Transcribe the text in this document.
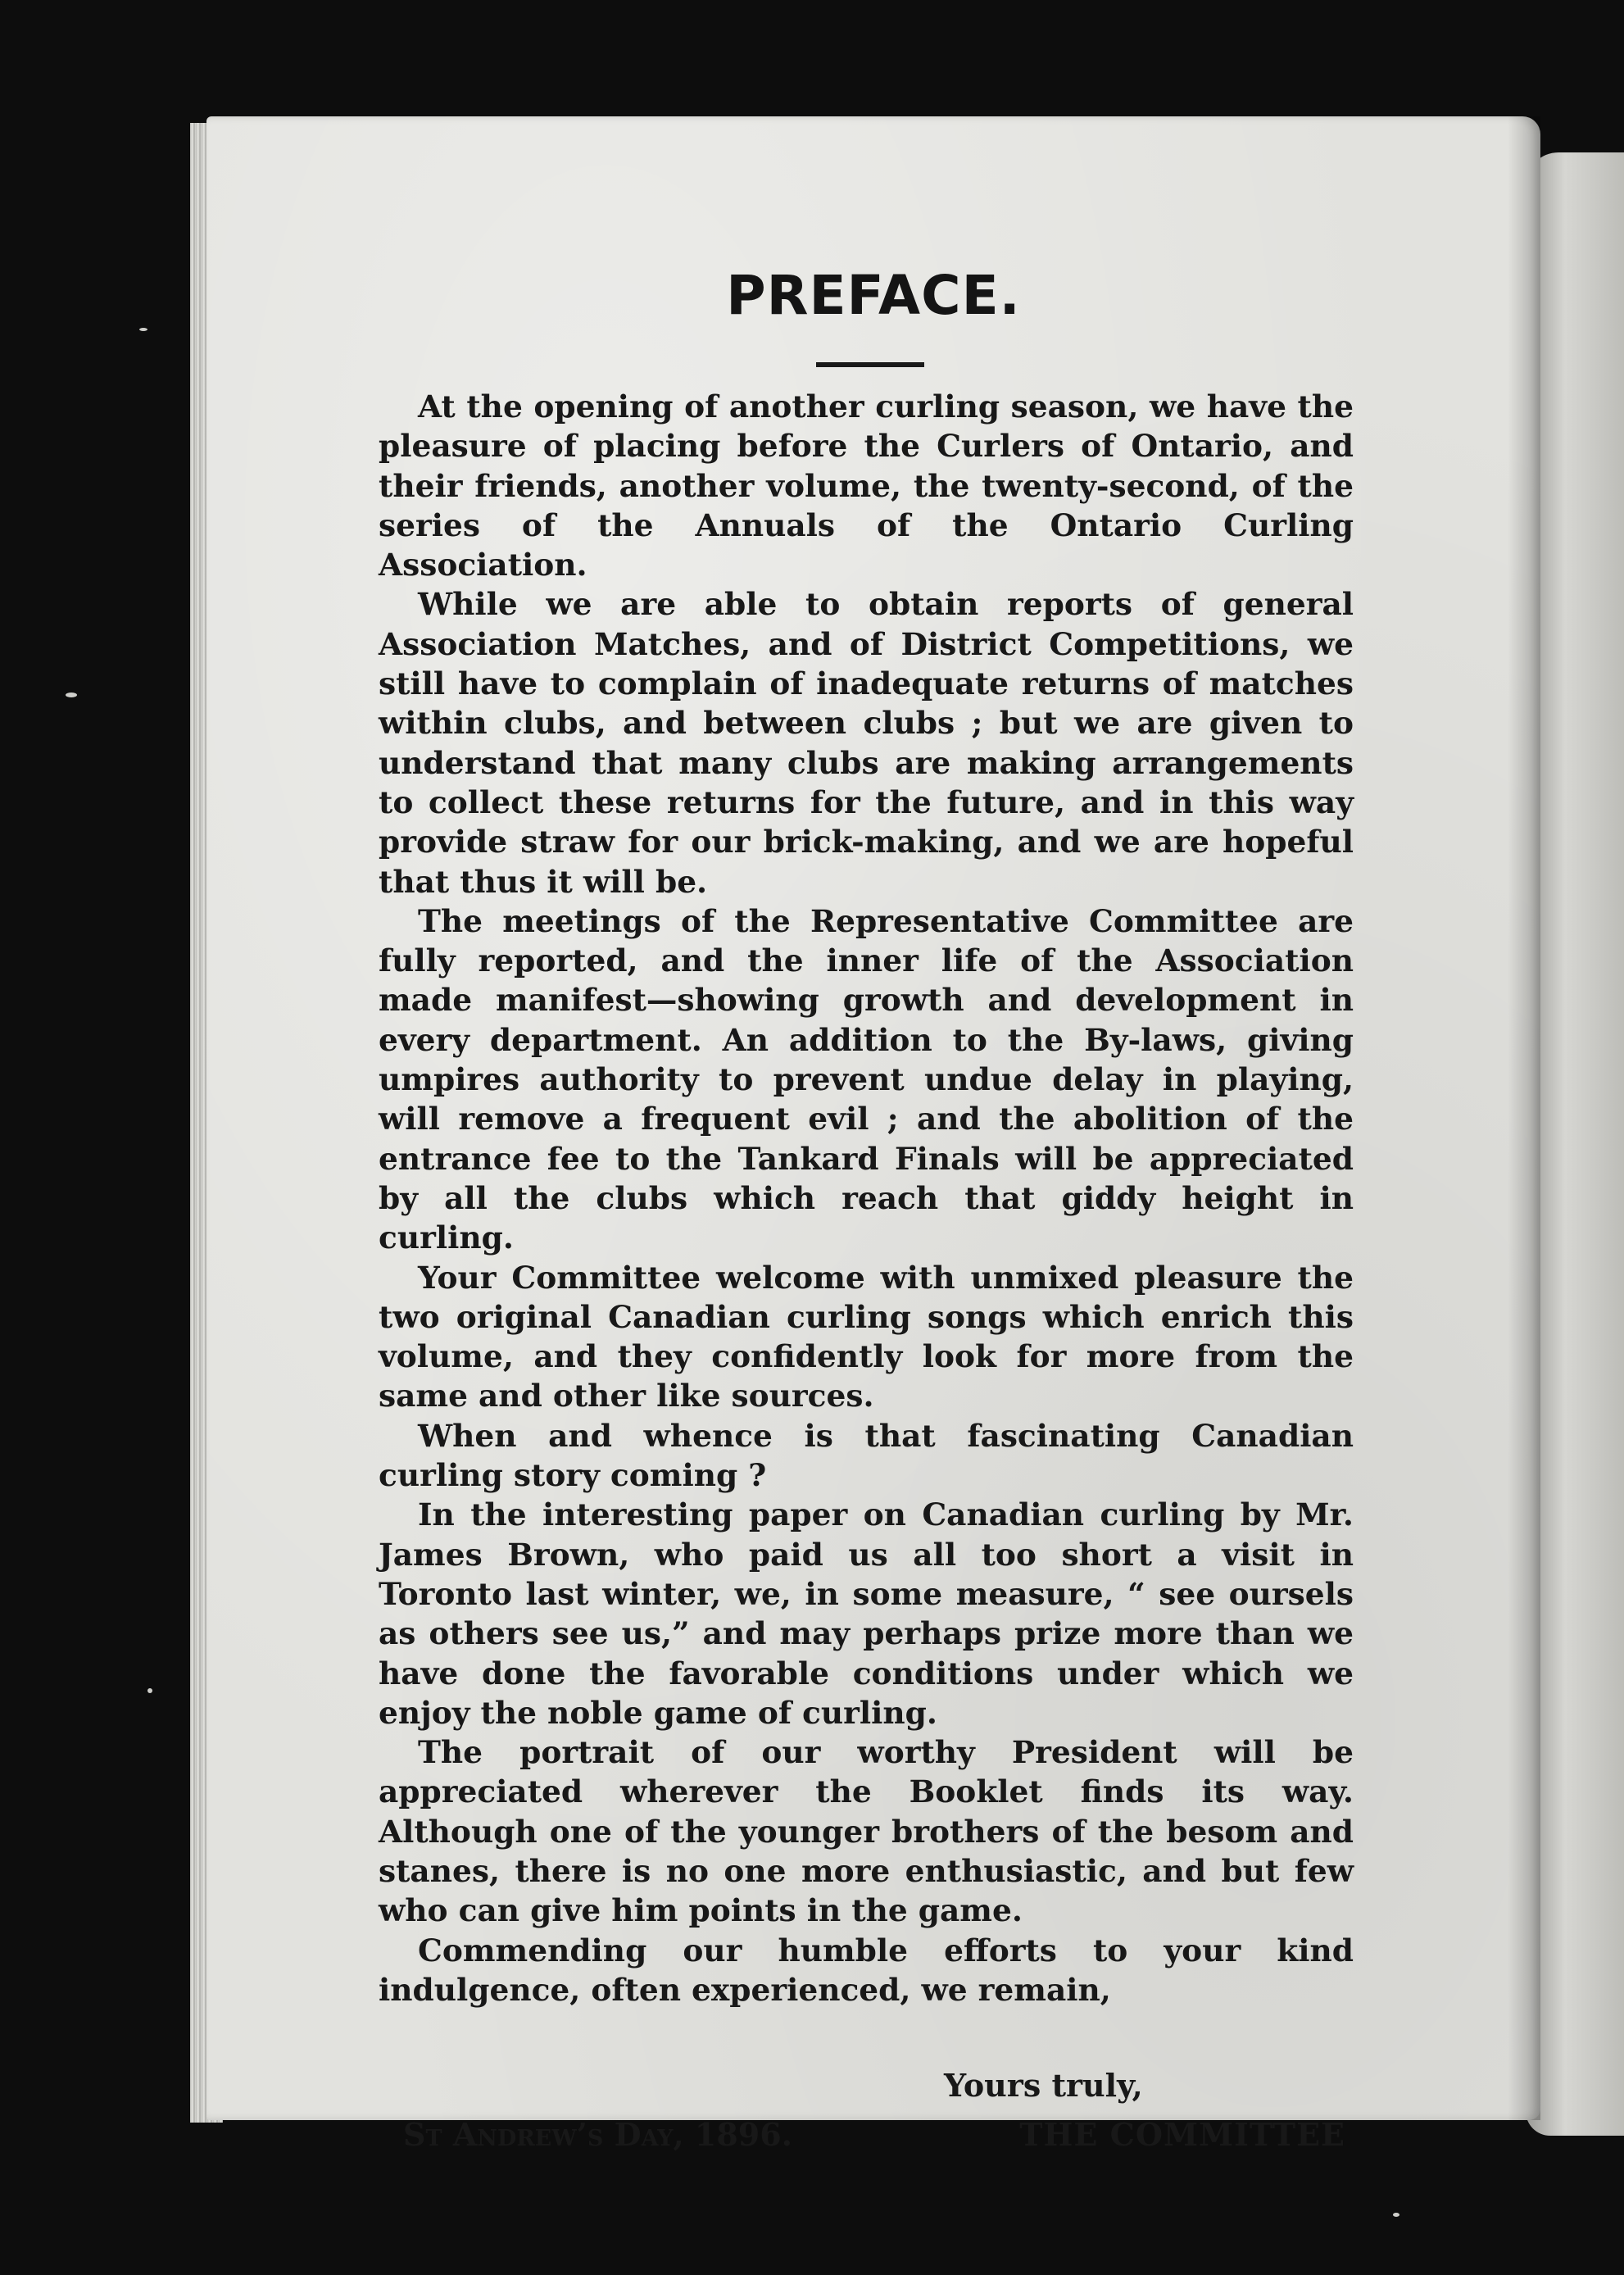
PREFACE.

At the opening of another curling season, we have the pleasure of placing before the Curlers of Ontario, and their friends, another volume, the twenty-second, of the series of the Annuals of the Ontario Curling Association.

While we are able to obtain reports of general Association Matches, and of District Competitions, we still have to complain of inadequate returns of matches within clubs, and between clubs ; but we are given to understand that many clubs are making arrangements to collect these returns for the future, and in this way provide straw for our brick-making, and we are hopeful that thus it will be.

The meetings of the Representative Committee are fully reported, and the inner life of the Association made manifest—showing growth and development in every department. An addition to the By-laws, giving umpires authority to prevent undue delay in playing, will remove a frequent evil ; and the abolition of the entrance fee to the Tankard Finals will be appreciated by all the clubs which reach that giddy height in curling.

Your Committee welcome with unmixed pleasure the two original Canadian curling songs which enrich this volume, and they confidently look for more from the same and other like sources.

When and whence is that fascinating Canadian curling story coming ?

In the interesting paper on Canadian curling by Mr. James Brown, who paid us all too short a visit in Toronto last winter, we, in some measure, “ see oursels as others see us,” and may perhaps prize more than we have done the favorable conditions under which we enjoy the noble game of curling.

The portrait of our worthy President will be appreciated wherever the Booklet finds its way. Although one of the younger brothers of the besom and stanes, there is no one more enthusiastic, and but few who can give him points in the game.

Commending our humble efforts to your kind indulgence, often experienced, we remain,

Yours truly,
St Andrew’s Day, 1896.	THE COMMITTEE
